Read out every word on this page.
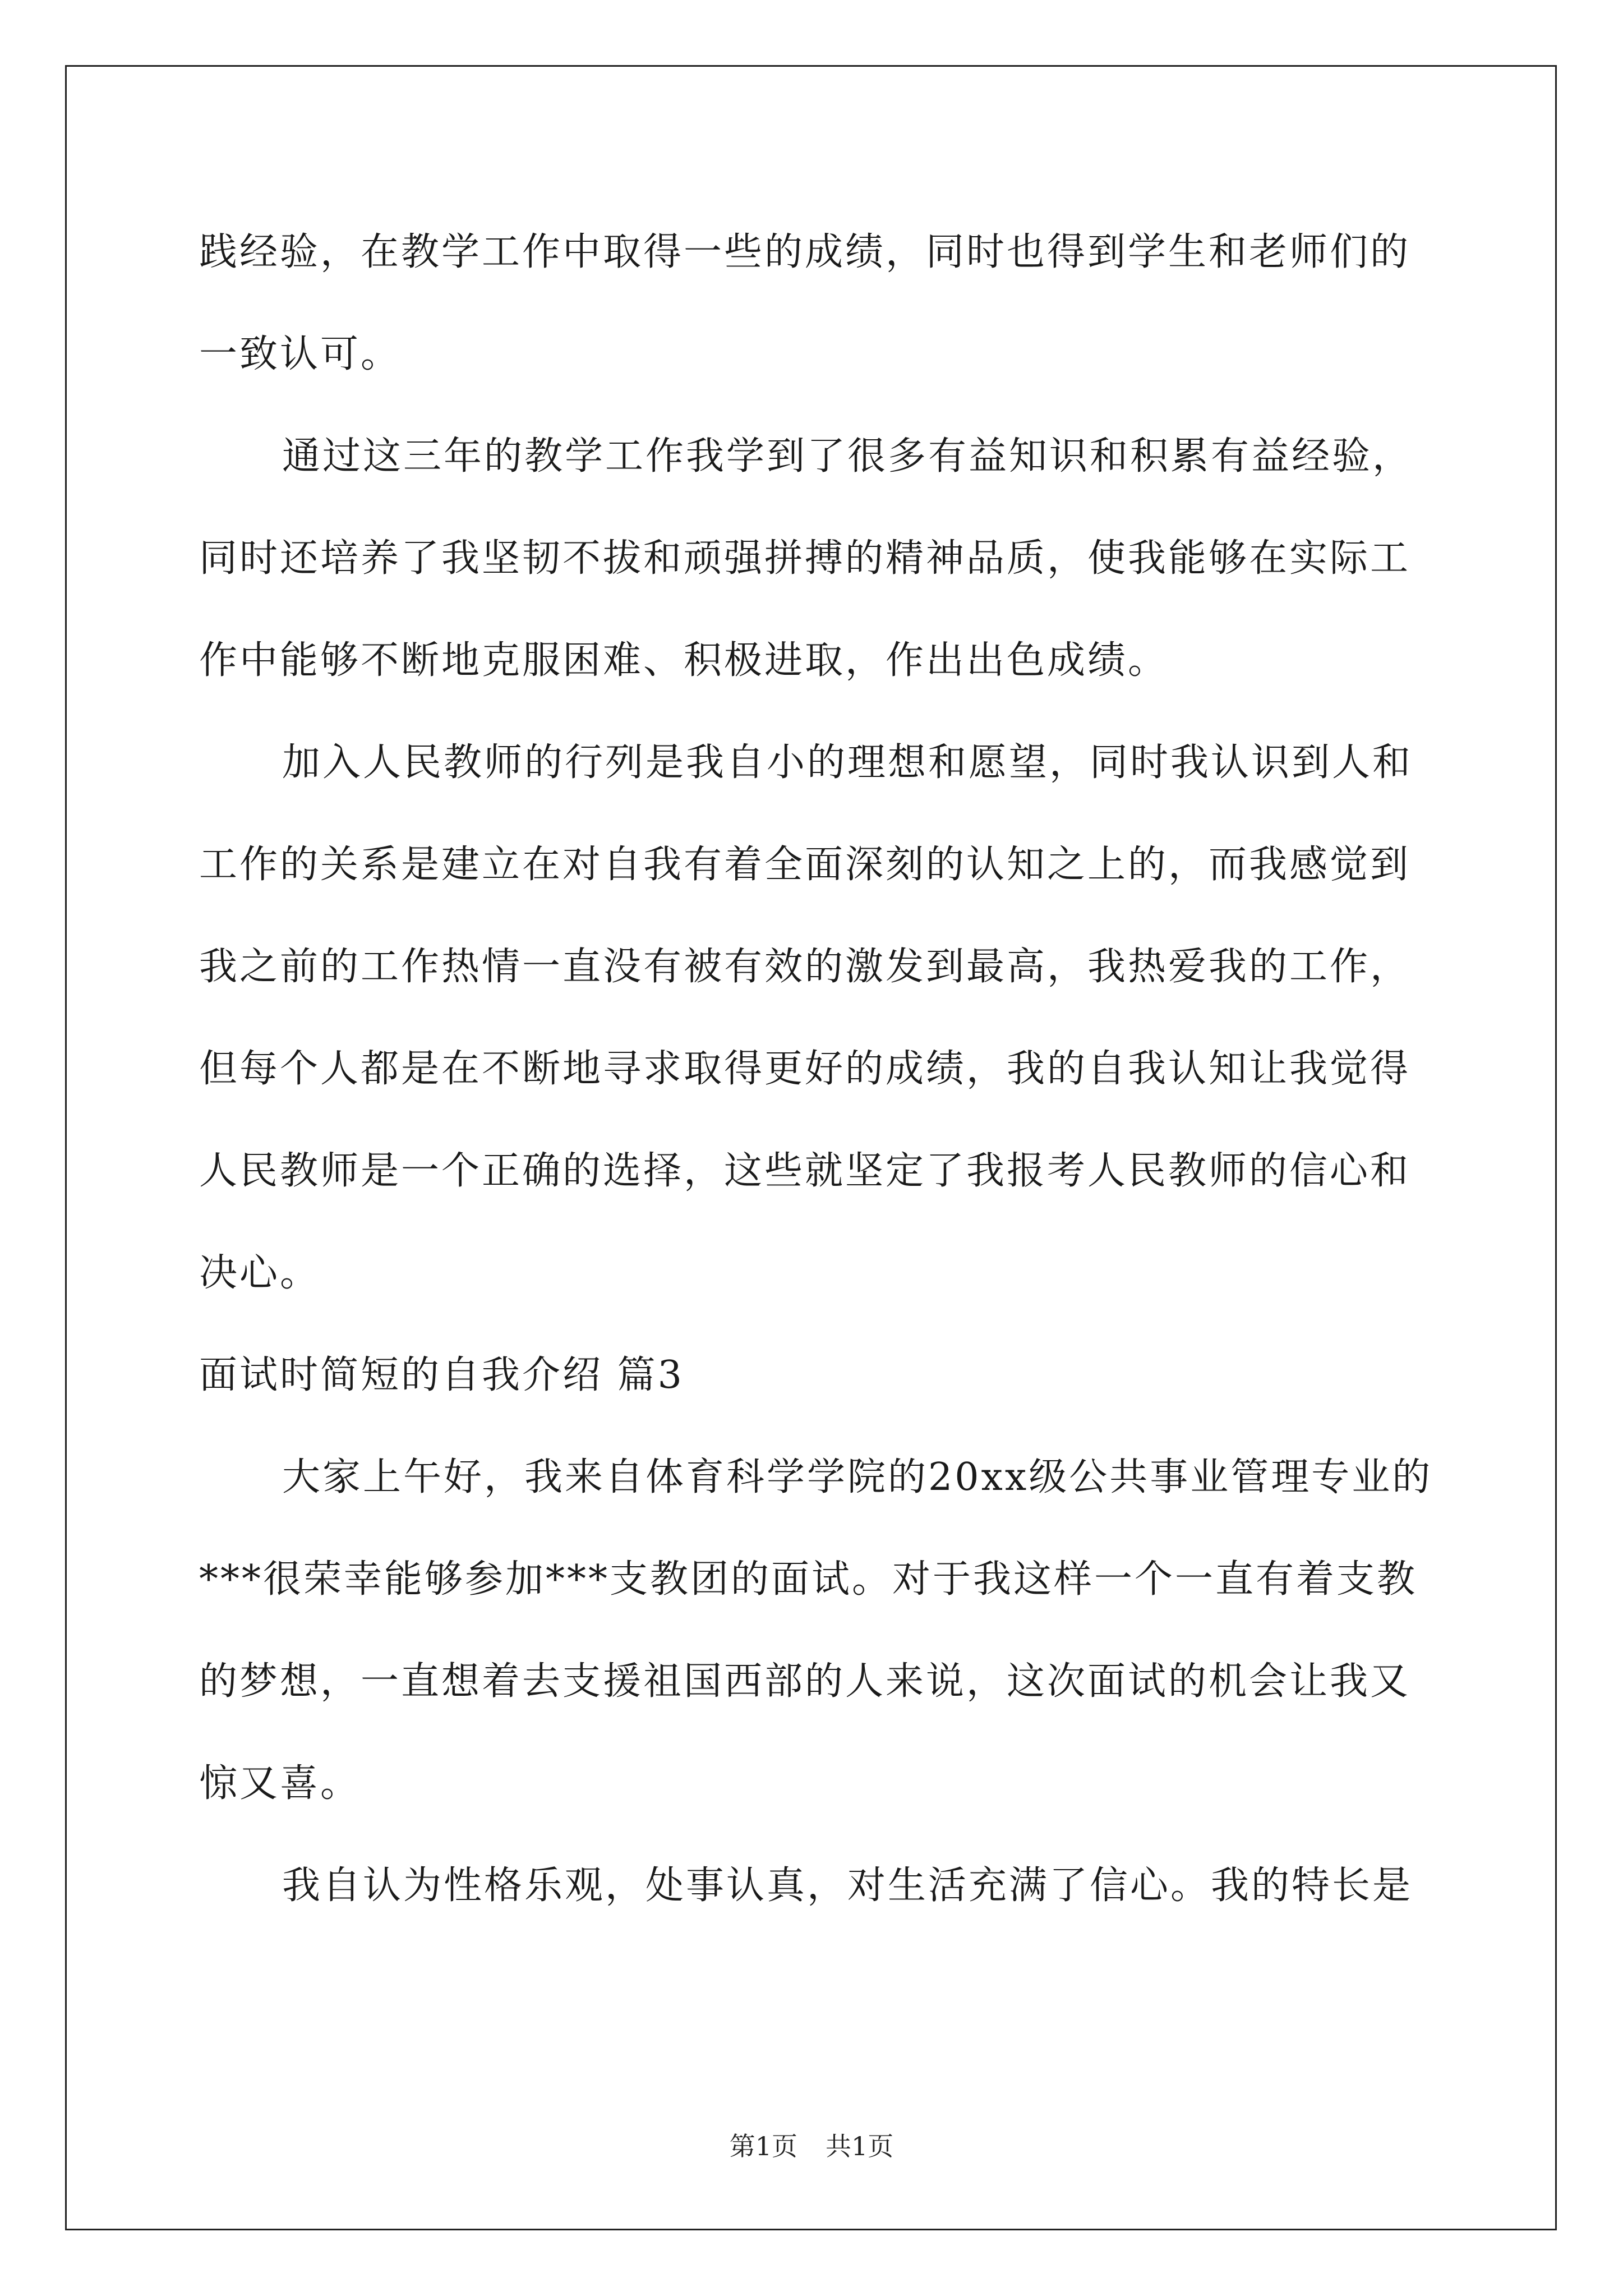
践经验，在教学工作中取得一些的成绩，同时也得到学生和老师们的
一致认可。
通过这三年的教学工作我学到了很多有益知识和积累有益经验，
同时还培养了我坚韧不拔和顽强拼搏的精神品质，使我能够在实际工
作中能够不断地克服困难、积极进取，作出出色成绩。
加入人民教师的行列是我自小的理想和愿望，同时我认识到人和
工作的关系是建立在对自我有着全面深刻的认知之上的，而我感觉到
我之前的工作热情一直没有被有效的激发到最高，我热爱我的工作，
但每个人都是在不断地寻求取得更好的成绩，我的自我认知让我觉得
人民教师是一个正确的选择，这些就坚定了我报考人民教师的信心和
决心。
面试时简短的自我介绍 篇3
大家上午好，我来自体育科学学院的20xx级公共事业管理专业的
***很荣幸能够参加***支教团的面试。对于我这样一个一直有着支教
的梦想，一直想着去支援祖国西部的人来说，这次面试的机会让我又
惊又喜。
我自认为性格乐观，处事认真，对生活充满了信心。我的特长是
第1页 共1页
